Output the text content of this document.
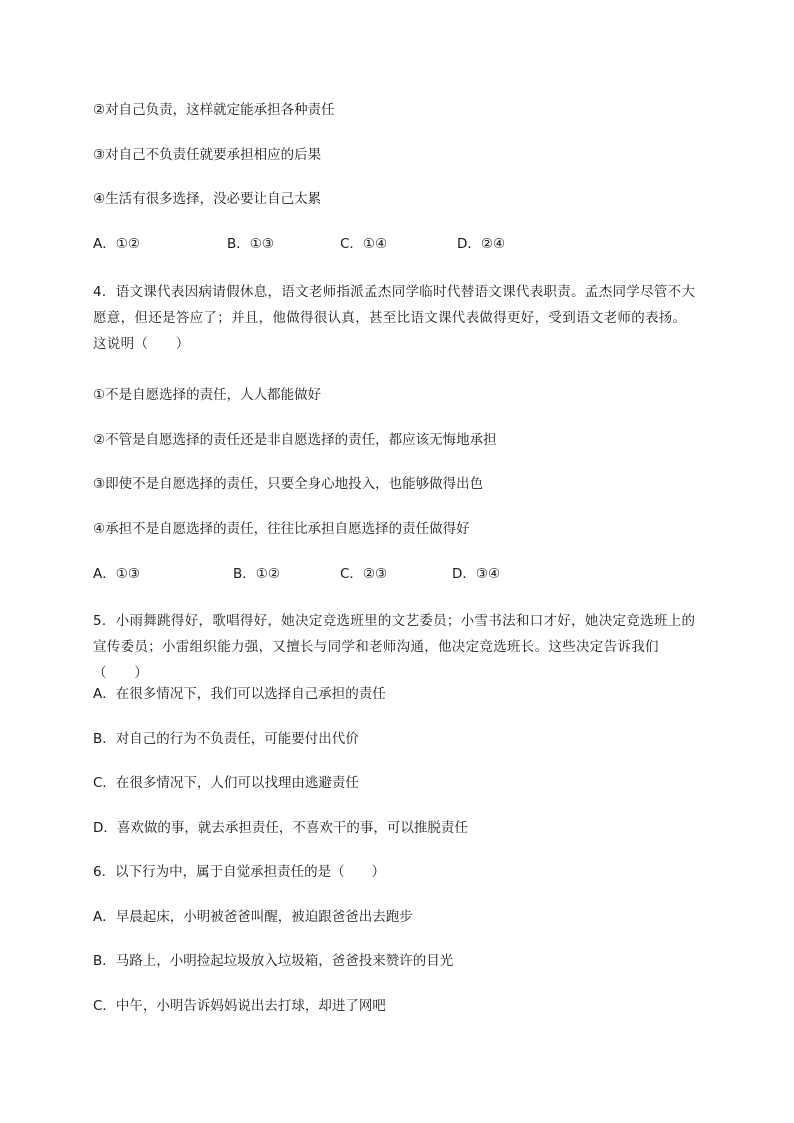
②对自己负责，这样就定能承担各种责任
③对自己不负责任就要承担相应的后果
④生活有很多选择，没必要让自己太累
A．①②	B．①③	C．①④	D．②④
4．语文课代表因病请假休息，语文老师指派孟杰同学临时代替语文课代表职责。孟杰同学尽管不大
愿意，但还是答应了；并且，他做得很认真，甚至比语文课代表做得更好，受到语文老师的表扬。
这说明（　　）
①不是自愿选择的责任，人人都能做好
②不管是自愿选择的责任还是非自愿选择的责任，都应该无悔地承担
③即使不是自愿选择的责任，只要全身心地投入，也能够做得出色
④承担不是自愿选择的责任，往往比承担自愿选择的责任做得好
A．①③	B．①②	C．②③	D．③④
5．小雨舞跳得好，歌唱得好，她决定竞选班里的文艺委员；小雪书法和口才好，她决定竞选班上的
宣传委员；小雷组织能力强，又擅长与同学和老师沟通，他决定竞选班长。这些决定告诉我们（　　）
A．在很多情况下，我们可以选择自己承担的责任
B．对自己的行为不负责任，可能要付出代价
C．在很多情况下，人们可以找理由逃避责任
D．喜欢做的事，就去承担责任，不喜欢干的事，可以推脱责任
6．以下行为中，属于自觉承担责任的是（　　）
A．早晨起床，小明被爸爸叫醒，被迫跟爸爸出去跑步
B．马路上，小明捡起垃圾放入垃圾箱，爸爸投来赞许的目光
C．中午，小明告诉妈妈说出去打球，却进了网吧
